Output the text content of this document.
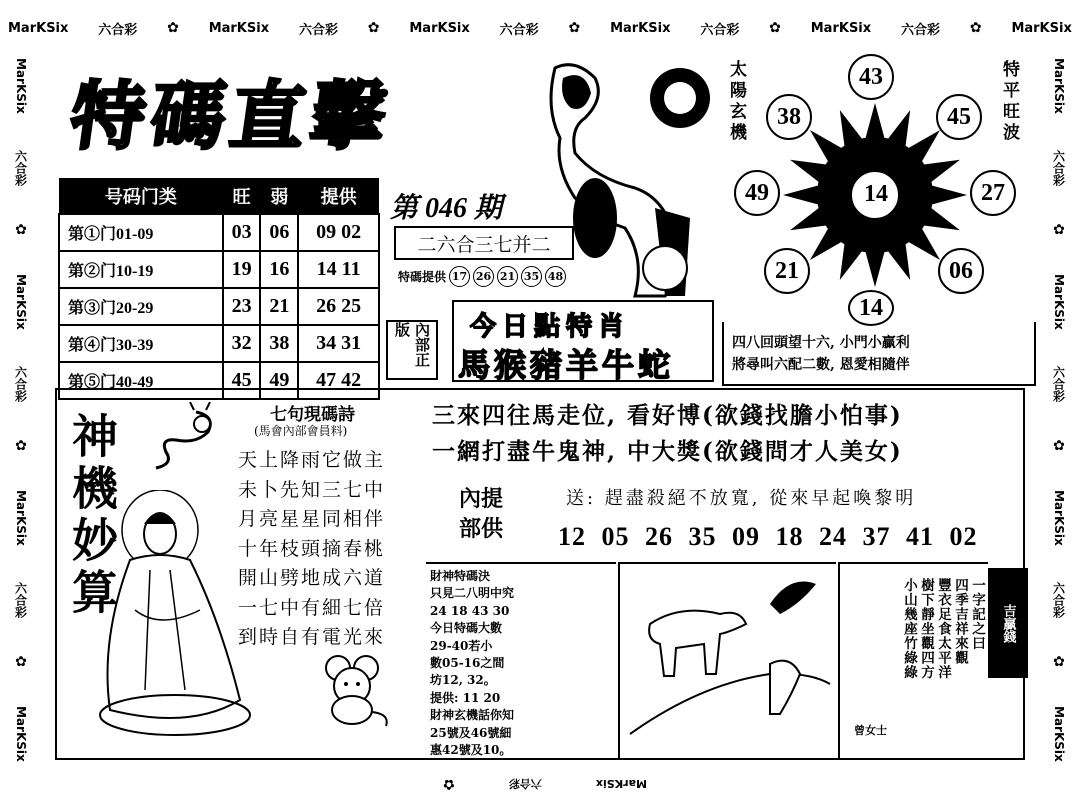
MarKSix 六合彩 ✿ MarKSix 六合彩 ✿ MarKSix 六合彩 ✿ MarKSix 六合彩 ✿ MarKSix 六合彩 ✿ MarKSix
MarKSix
六合彩
✿
MarKSix
六合彩
✿
MarKSix
六合彩
✿
MarKSix
MarKSix
六合彩
✿
MarKSix
六合彩
✿
MarKSix
六合彩
✿
MarKSix
MarKSix
六合彩
✿
特碼直擊
号码门类	旺	弱	提供
第①门01-09	03	06	09 02
第②门10-19	19	16	14 11
第③门20-29	23	21	26 25
第④门30-39	32	38	34 31
第⑤门40-49	45	49	47 42
第 046 期
二六合三七并二
特碼提供 17 26 21 35 48
太陽玄機	特平旺波
14
43
38	45
49	27
21	06
14
四八回頭望十六, 小門小贏利
將尋叫六配二數, 恩愛相隨伴
內部正版	今日點特肖
馬猴豬羊牛蛇
神機妙算	七句現碼詩
(馬會內部會員料)
天上降雨它做主
未卜先知三七中
月亮星星同相伴
十年枝頭摘春桃
開山劈地成六道
一七中有細七倍
到時自有電光來
三來四往馬走位, 看好博(欲錢找膽小怕事)
一網打盡牛鬼神, 中大獎(欲錢問才人美女)
內提
部供
送: 趕盡殺絕不放寬, 從來早起喚黎明
12 05 26 35 09 18 24 37 41 02
財神特碼決
只見二八明中究
24 18 43 30
今日特碼大數
29-40若小
數05-16之間
坊12, 32。
提供: 11 20
財神玄機話你知
25號及46號細
惠42號及10。
一字記之曰
四季吉祥來觀
豐衣足食太平洋
樹下靜坐觀四方
小山幾座竹綠綠
曾女士
吉贏錢
